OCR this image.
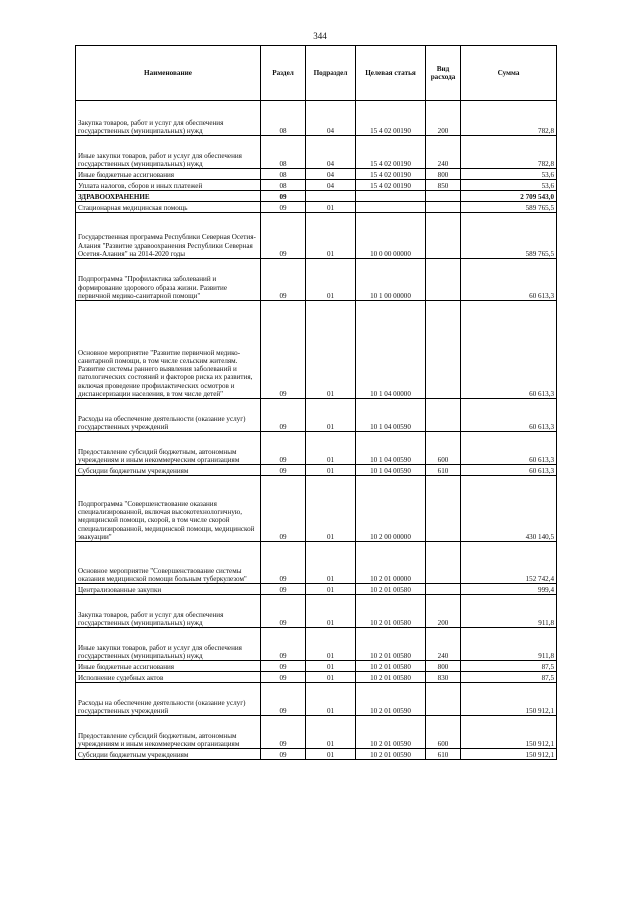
344
Наименование	Раздел	Подраздел	Целевая статья	Вид расхода	Сумма
Закупка товаров, работ и услуг для обеспечения государственных (муниципальных) нужд	08	04	15 4 02 00190	200	782,8
Иные закупки товаров, работ и услуг для обеспечения государственных (муниципальных) нужд	08	04	15 4 02 00190	240	782,8
Иные бюджетные ассигнования	08	04	15 4 02 00190	800	53,6
Уплата налогов, сборов и иных платежей	08	04	15 4 02 00190	850	53,6
ЗДРАВООХРАНЕНИЕ	09				2 709 543,0
Стационарная медицинская помощь	09	01			589 765,5
Государственная программа Республики Северная Осетия-Алания "Развитие здравоохранения Республики Северная Осетия-Алания" на 2014-2020 годы	09	01	10 0 00 00000		589 765,5
Подпрограмма "Профилактика заболеваний и формирование здорового образа жизни. Развитие первичной медико-санитарной помощи"	09	01	10 1 00 00000		60 613,3
Основное мероприятие "Развитие первичной медико-санитарной помощи, в том числе сельским жителям. Развитие системы раннего выявления заболеваний и патологических состояний и факторов риска их развития, включая проведение профилактических осмотров и диспансеризации населения, в том числе детей"	09	01	10 1 04 00000		60 613,3
Расходы на обеспечение деятельности (оказание услуг) государственных учреждений	09	01	10 1 04 00590		60 613,3
Предоставление субсидий бюджетным, автономным учреждениям и иным некоммерческим организациям	09	01	10 1 04 00590	600	60 613,3
Субсидии бюджетным учреждениям	09	01	10 1 04 00590	610	60 613,3
Подпрограмма "Совершенствование оказания специализированной, включая высокотехнологичную, медицинской помощи, скорой, в том числе скорой специализированной, медицинской помощи, медицинской эвакуации"	09	01	10 2 00 00000		430 140,5
Основное мероприятие "Совершенствование системы оказания медицинской помощи больным туберкулезом"	09	01	10 2 01 00000		152 742,4
Централизованные закупки	09	01	10 2 01 00580		999,4
Закупка товаров, работ и услуг для обеспечения государственных (муниципальных) нужд	09	01	10 2 01 00580	200	911,8
Иные закупки товаров, работ и услуг для обеспечения государственных (муниципальных) нужд	09	01	10 2 01 00580	240	911,8
Иные бюджетные ассигнования	09	01	10 2 01 00580	800	87,5
Исполнение судебных актов	09	01	10 2 01 00580	830	87,5
Расходы на обеспечение деятельности (оказание услуг) государственных учреждений	09	01	10 2 01 00590		150 912,1
Предоставление субсидий бюджетным, автономным учреждениям и иным некоммерческим организациям	09	01	10 2 01 00590	600	150 912,1
Субсидии бюджетным учреждениям	09	01	10 2 01 00590	610	150 912,1
